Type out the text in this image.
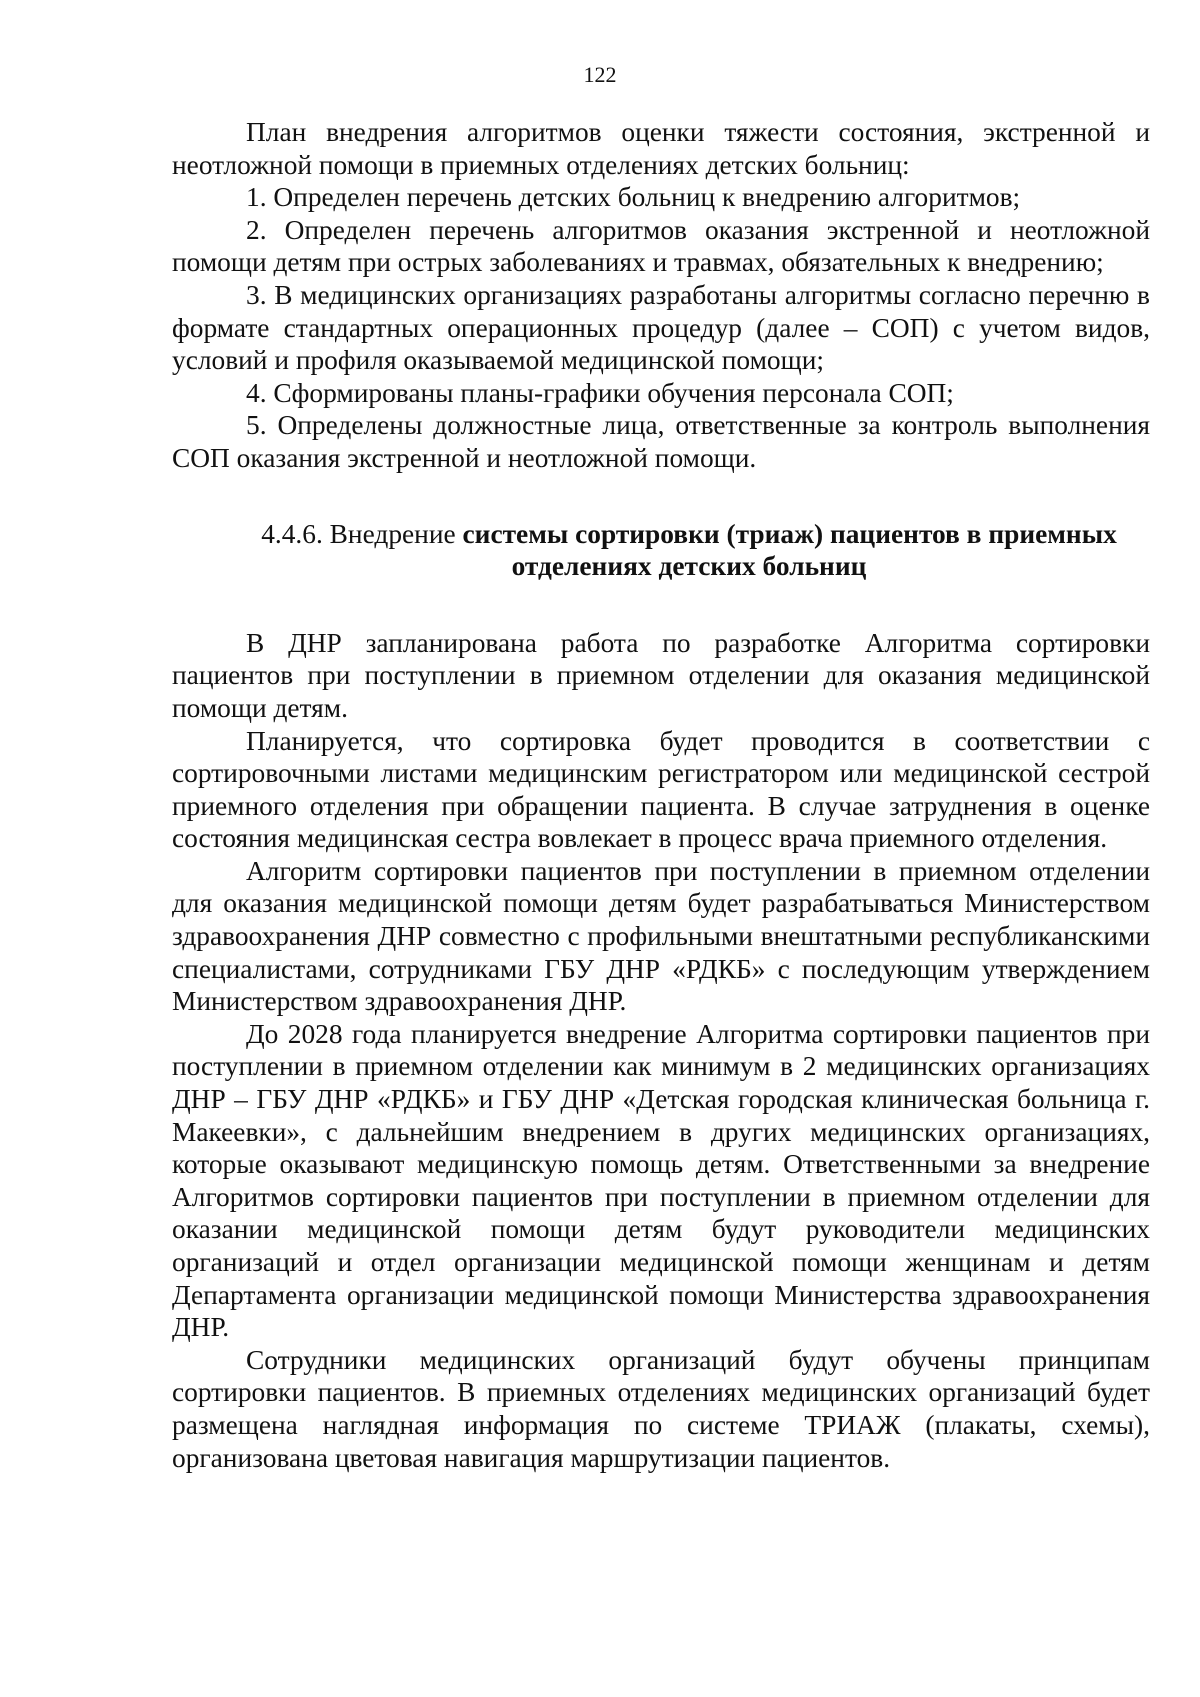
122

План внедрения алгоритмов оценки тяжести состояния, экстренной и неотложной помощи в приемных отделениях детских больниц:

1. Определен перечень детских больниц к внедрению алгоритмов;

2. Определен перечень алгоритмов оказания экстренной и неотложной помощи детям при острых заболеваниях и травмах, обязательных к внедрению;

3. В медицинских организациях разработаны алгоритмы согласно перечню в формате стандартных операционных процедур (далее – СОП) с учетом видов, условий и профиля оказываемой медицинской помощи;

4. Сформированы планы-графики обучения персонала СОП;

5. Определены должностные лица, ответственные за контроль выполнения СОП оказания экстренной и неотложной помощи.

4.4.6. Внедрение системы сортировки (триаж) пациентов в приемных отделениях детских больниц

В ДНР запланирована работа по разработке Алгоритма сортировки пациентов при поступлении в приемном отделении для оказания медицинской помощи детям.

Планируется, что сортировка будет проводится в соответствии с сортировочными листами медицинским регистратором или медицинской сестрой приемного отделения при обращении пациента. В случае затруднения в оценке состояния медицинская сестра вовлекает в процесс врача приемного отделения.

Алгоритм сортировки пациентов при поступлении в приемном отделении для оказания медицинской помощи детям будет разрабатываться Министерством здравоохранения ДНР совместно с профильными внештатными республиканскими специалистами, сотрудниками ГБУ ДНР «РДКБ» с последующим утверждением Министерством здравоохранения ДНР.

До 2028 года планируется внедрение Алгоритма сортировки пациентов при поступлении в приемном отделении как минимум в 2 медицинских организациях ДНР – ГБУ ДНР «РДКБ» и ГБУ ДНР «Детская городская клиническая больница г. Макеевки», с дальнейшим внедрением в других медицинских организациях, которые оказывают медицинскую помощь детям. Ответственными за внедрение Алгоритмов сортировки пациентов при поступлении в приемном отделении для оказании медицинской помощи детям будут руководители медицинских организаций и отдел организации медицинской помощи женщинам и детям Департамента организации медицинской помощи Министерства здравоохранения ДНР.

Сотрудники медицинских организаций будут обучены принципам сортировки пациентов. В приемных отделениях медицинских организаций будет размещена наглядная информация по системе ТРИАЖ (плакаты, схемы), организована цветовая навигация маршрутизации пациентов.
